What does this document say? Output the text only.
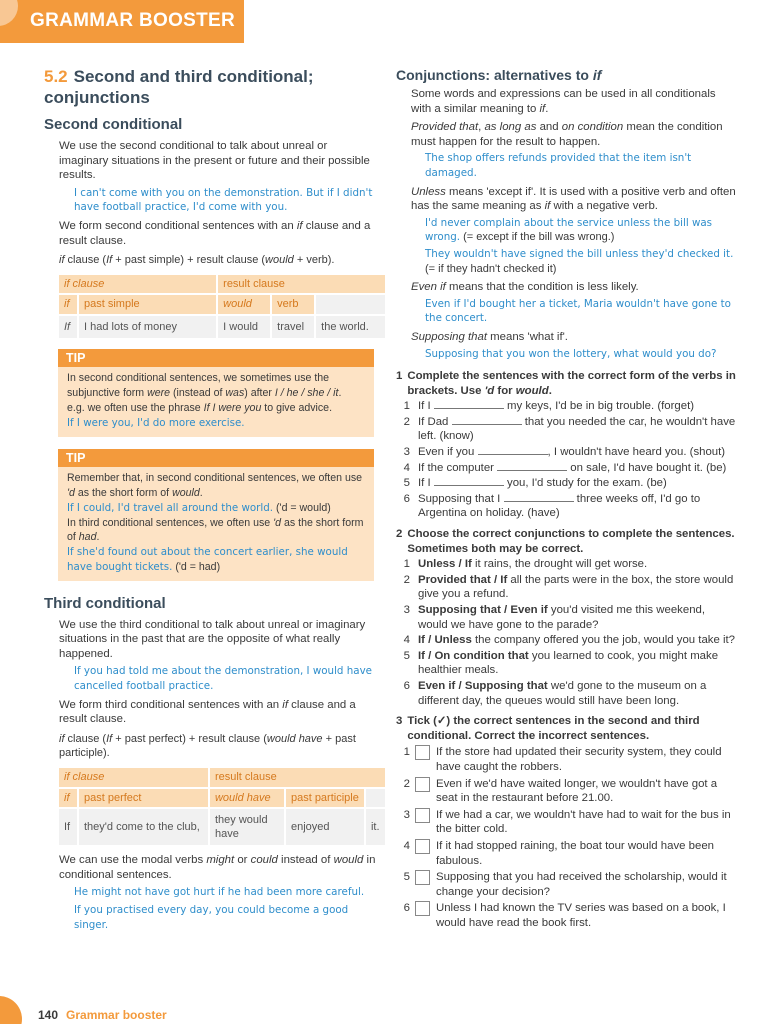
GRAMMAR BOOSTER
5.2 Second and third conditional; conjunctions
Second conditional
We use the second conditional to talk about unreal or imaginary situations in the present or future and their possible results.
I can't come with you on the demonstration. But if I didn't have football practice, I'd come with you.
We form second conditional sentences with an if clause and a result clause.
if clause (If + past simple) + result clause (would + verb).
if clause		result clause		
if	past simple	would	verb	
If	I had lots of money	I would	travel	the world.
TIP
In second conditional sentences, we sometimes use the subjunctive form were (instead of was) after I / he / she / it.
e.g. we often use the phrase If I were you to give advice.
If I were you, I'd do more exercise.
TIP
Remember that, in second conditional sentences, we often use 'd as the short form of would.
If I could, I'd travel all around the world. ('d = would)
In third conditional sentences, we often use 'd as the short form of had.
If she'd found out about the concert earlier, she would have bought tickets. ('d = had)
Third conditional
We use the third conditional to talk about unreal or imaginary situations in the past that are the opposite of what really happened.
If you had told me about the demonstration, I would have cancelled football practice.
We form third conditional sentences with an if clause and a result clause.
if clause (If + past perfect) + result clause (would have + past participle).
if clause		result clause		
if	past perfect	would have	past participle	
If	they'd come to the club,	they would have	enjoyed	it.
We can use the modal verbs might or could instead of would in conditional sentences.
He might not have got hurt if he had been more careful.
If you practised every day, you could become a good singer.
Conjunctions: alternatives to if
Some words and expressions can be used in all conditionals with a similar meaning to if.
Provided that, as long as and on condition mean the condition must happen for the result to happen.
The shop offers refunds provided that the item isn't damaged.
Unless means 'except if'. It is used with a positive verb and often has the same meaning as if with a negative verb.
I'd never complain about the service unless the bill was wrong. (= except if the bill was wrong.)
They wouldn't have signed the bill unless they'd checked it.
(= if they hadn't checked it)
Even if means that the condition is less likely.
Even if I'd bought her a ticket, Maria wouldn't have gone to the concert.
Supposing that means 'what if'.
Supposing that you won the lottery, what would you do?
1 Complete the sentences with the correct form of the verbs in brackets. Use 'd for would.
1 If I	my keys, I'd be in big trouble. (forget)
2 If Dad	that you needed the car, he wouldn't have left. (know)
3 Even if you	, I wouldn't have heard you. (shout)
4 If the computer	on sale, I'd have bought it. (be)
5 If I	you, I'd study for the exam. (be)
6 Supposing that I	three weeks off, I'd go to Argentina on holiday. (have)
2 Choose the correct conjunctions to complete the sentences. Sometimes both may be correct.
1 Unless / If it rains, the drought will get worse.
2 Provided that / If all the parts were in the box, the store would give you a refund.
3 Supposing that / Even if you'd visited me this weekend, would we have gone to the parade?
4 If / Unless the company offered you the job, would you take it?
5 If / On condition that you learned to cook, you might make healthier meals.
6 Even if / Supposing that we'd gone to the museum on a different day, the queues would still have been long.
3 Tick (✓) the correct sentences in the second and third conditional. Correct the incorrect sentences.
1 If the store had updated their security system, they could have caught the robbers.
2 Even if we'd have waited longer, we wouldn't have got a seat in the restaurant before 21.00.
3 If we had a car, we wouldn't have had to wait for the bus in the bitter cold.
4 If it had stopped raining, the boat tour would have been fabulous.
5 Supposing that you had received the scholarship, would it change your decision?
6 Unless I had known the TV series was based on a book, I would have read the book first.
140 Grammar booster
